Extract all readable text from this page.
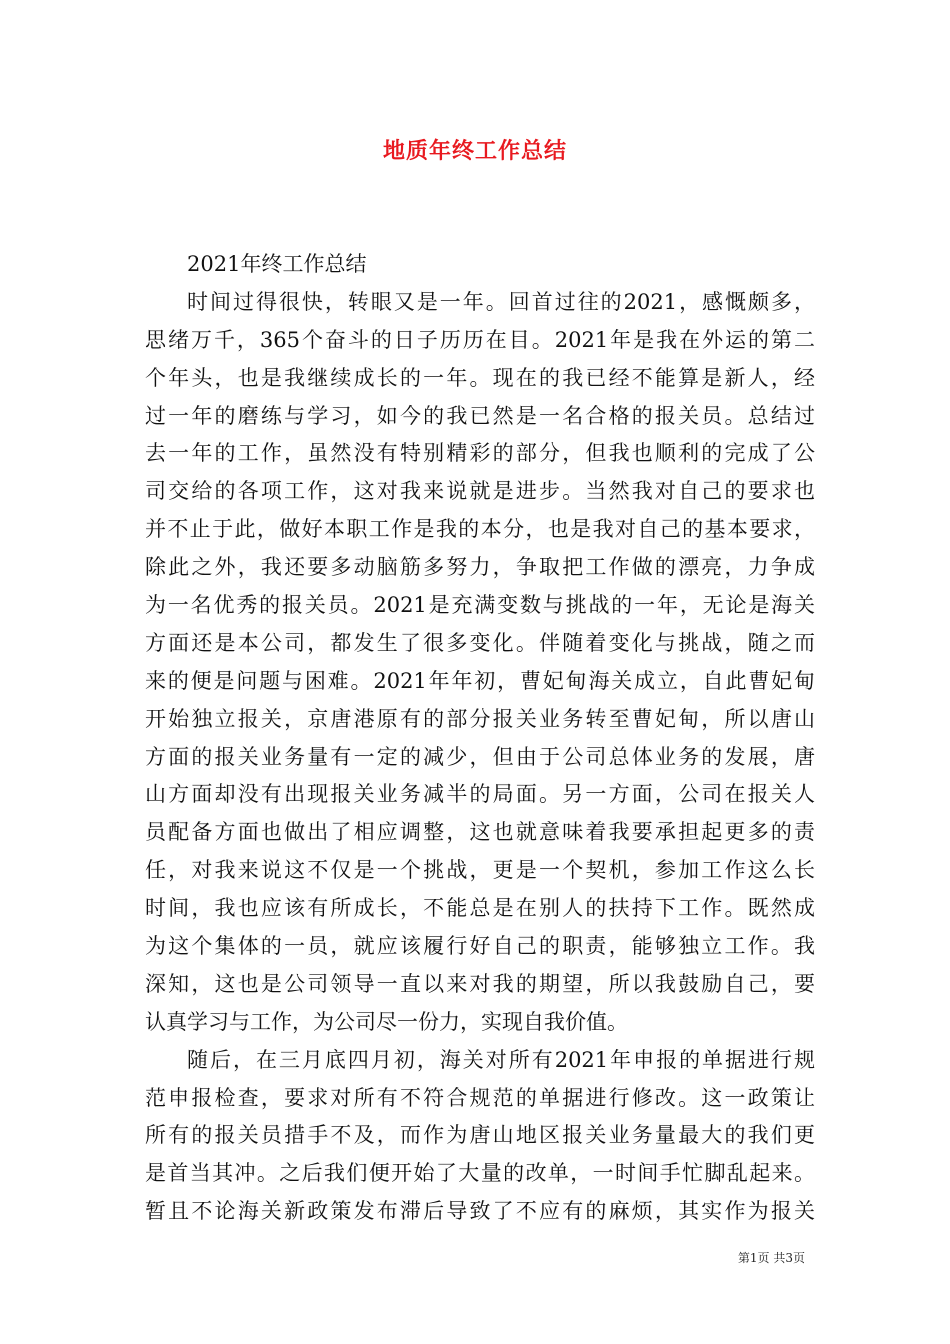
地质年终工作总结

2021年终工作总结

时间过得很快，转眼又是一年。回首过往的2021，感慨颇多，

思绪万千，365个奋斗的日子历历在目。2021年是我在外运的第二

个年头，也是我继续成长的一年。现在的我已经不能算是新人，经

过一年的磨练与学习，如今的我已然是一名合格的报关员。总结过

去一年的工作，虽然没有特别精彩的部分，但我也顺利的完成了公

司交给的各项工作，这对我来说就是进步。当然我对自己的要求也

并不止于此，做好本职工作是我的本分，也是我对自己的基本要求，

除此之外，我还要多动脑筋多努力，争取把工作做的漂亮，力争成

为一名优秀的报关员。2021是充满变数与挑战的一年，无论是海关

方面还是本公司，都发生了很多变化。伴随着变化与挑战，随之而

来的便是问题与困难。2021年年初，曹妃甸海关成立，自此曹妃甸

开始独立报关，京唐港原有的部分报关业务转至曹妃甸，所以唐山

方面的报关业务量有一定的减少，但由于公司总体业务的发展，唐

山方面却没有出现报关业务减半的局面。另一方面，公司在报关人

员配备方面也做出了相应调整，这也就意味着我要承担起更多的责

任，对我来说这不仅是一个挑战，更是一个契机，参加工作这么长

时间，我也应该有所成长，不能总是在别人的扶持下工作。既然成

为这个集体的一员，就应该履行好自己的职责，能够独立工作。我

深知，这也是公司领导一直以来对我的期望，所以我鼓励自己，要

认真学习与工作，为公司尽一份力，实现自我价值。

随后，在三月底四月初，海关对所有2021年申报的单据进行规

范申报检查，要求对所有不符合规范的单据进行修改。这一政策让

所有的报关员措手不及，而作为唐山地区报关业务量最大的我们更

是首当其冲。之后我们便开始了大量的改单，一时间手忙脚乱起来。

暂且不论海关新政策发布滞后导致了不应有的麻烦，其实作为报关

第1页 共3页
